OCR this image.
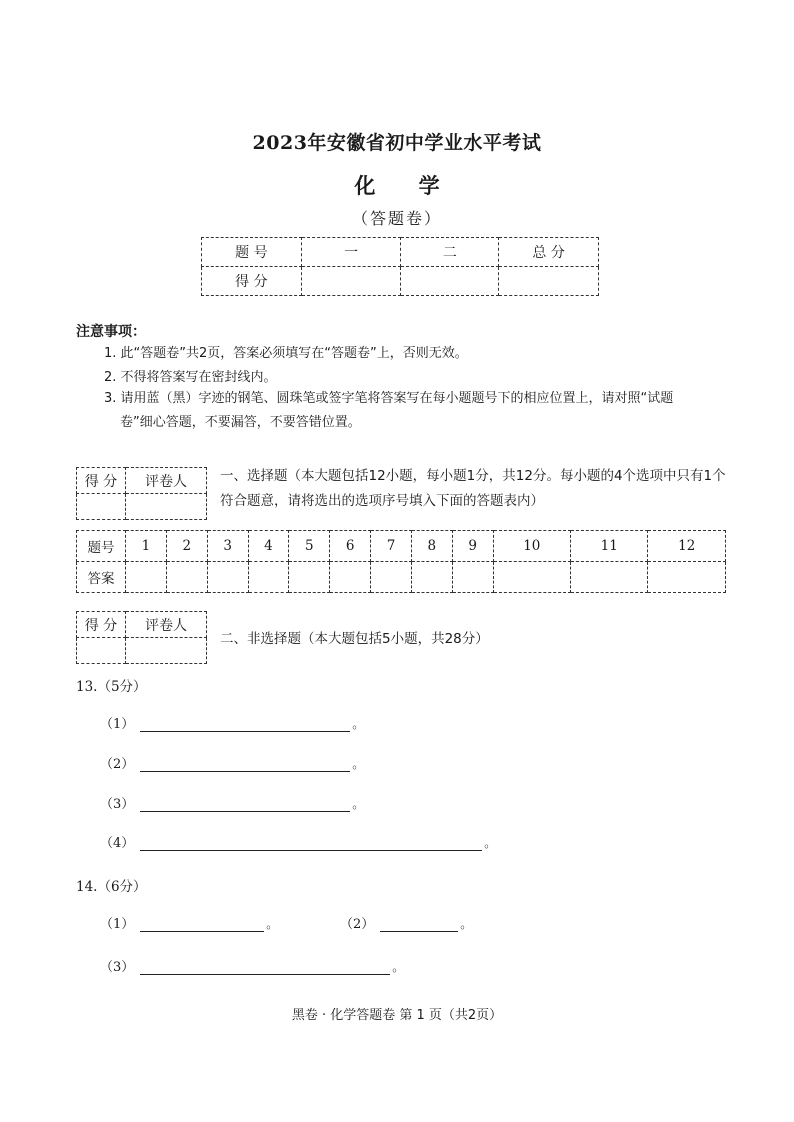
2023年安徽省初中学业水平考试
化 学
（答题卷）
题 号	一	二	总 分
得 分			
注意事项：
1. 此“答题卷”共2页，答案必须填写在“答题卷”上，否则无效。
2. 不得将答案写在密封线内。
3. 请用蓝（黑）字迹的钢笔、圆珠笔或签字笔将答案写在每小题题号下的相应位置上，请对照“试题
卷”细心答题，不要漏答，不要答错位置。
得 分	评卷人
	一、选择题（本大题包括12小题，每小题1分，共12分。每小题的4个选项中只有1个符合题意，请将选出的选项序号填入下面的答题表内）
题号	1	2	3	4	5	6	7	8	9	10	11	12
答案												
得 分	评卷人

二、非选择题（本大题包括5小题，共28分）
13.（5分）
（1）	。
（2）	。
（3）	。
（4）	。
14.（6分）
（1）	。	（2）	。
（3）	。
黑卷 · 化学答题卷 第 1 页（共2页）
